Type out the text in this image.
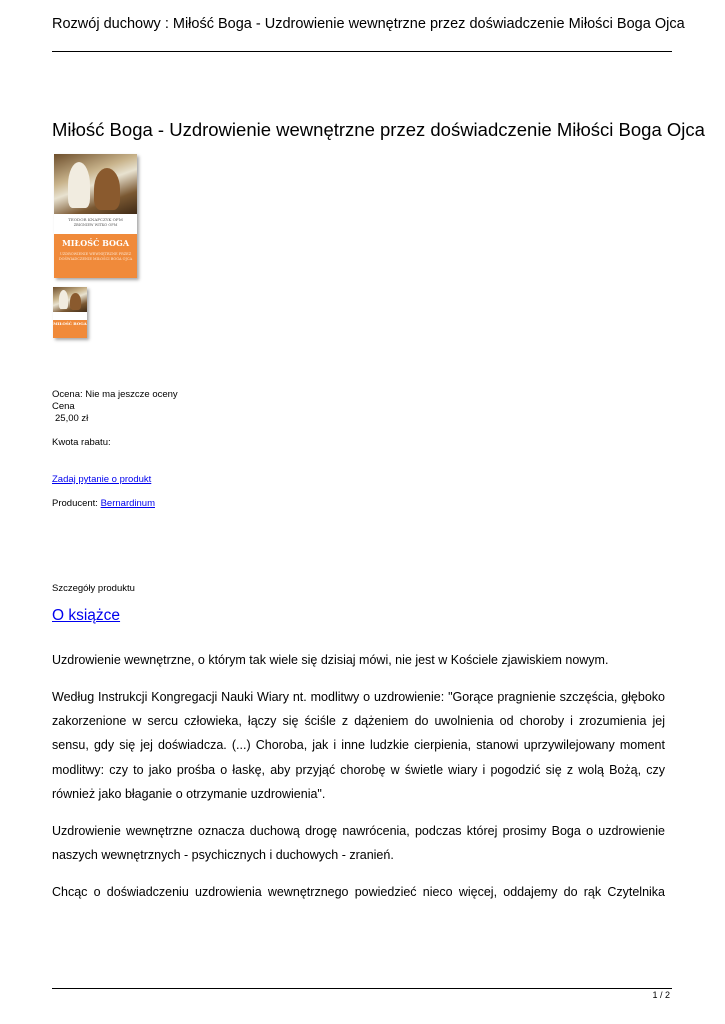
Rozwój duchowy : Miłość Boga - Uzdrowienie wewnętrzne przez doświadczenie Miłości Boga Ojca
Miłość Boga - Uzdrowienie wewnętrzne przez doświadczenie Miłości Boga Ojca
TEODOR KNAPCZYK OFM
ZBIGNIEW WITKO OFM
MIŁOŚĆ BOGA
UZDROWIENIE WEWNĘTRZNE PRZEZ DOŚWIADCZENIE MIŁOŚCI BOGA OJCA
MIŁOŚĆ BOGA
Ocena: Nie ma jeszcze oceny
Cena
25,00 zł
Kwota rabatu:
Zadaj pytanie o produkt
Producent: Bernardinum
Szczegóły produktu
O książce

Uzdrowienie wewnętrzne, o którym tak wiele się dzisiaj mówi, nie jest w Kościele zjawiskiem nowym.

Według Instrukcji Kongregacji Nauki Wiary nt. modlitwy o uzdrowienie: "Gorące pragnienie szczęścia, głęboko zakorzenione w sercu człowieka, łączy się ściśle z dążeniem do uwolnienia od choroby i zrozumienia jej sensu, gdy się jej doświadcza. (...) Choroba, jak i inne ludzkie cierpienia, stanowi uprzywilejowany moment modlitwy: czy to jako prośba o łaskę, aby przyjąć chorobę w świetle wiary i pogodzić się z wolą Bożą, czy również jako błaganie o otrzymanie uzdrowienia".

Uzdrowienie wewnętrzne oznacza duchową drogę nawrócenia, podczas której prosimy Boga o uzdrowienie naszych wewnętrznych - psychicznych i duchowych - zranień.

Chcąc o doświadczeniu uzdrowienia wewnętrznego powiedzieć nieco więcej, oddajemy do rąk Czytelnika

1 / 2
